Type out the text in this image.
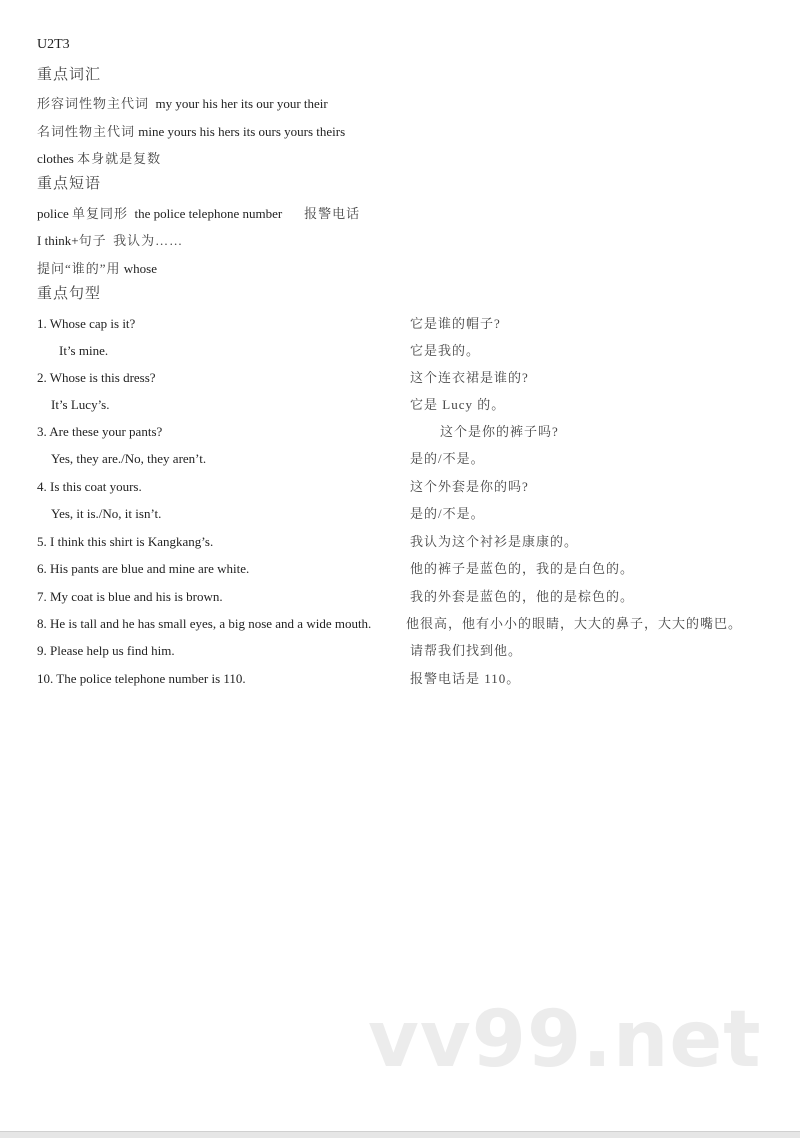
U2T3
重点词汇
形容词性物主代词 my your his her its our your their
名词性物主代词 mine yours his hers its ours yours theirs
clothes 本身就是复数
重点短语
police 单复同形 the police telephone number 报警电话
I think+句子 我认为……
提问“谁的”用 whose
重点句型
1. Whose cap is it?	它是谁的帽子?
It’s mine.	它是我的。
2. Whose is this dress?	这个连衣裙是谁的?
It’s Lucy’s.	它是 Lucy 的。
3. Are these your pants?	这个是你的裤子吗?
Yes, they are./No, they aren’t.	是的/不是。
4. Is this coat yours.	这个外套是你的吗?
Yes, it is./No, it isn’t.	是的/不是。
5. I think this shirt is Kangkang’s.	我认为这个衬衫是康康的。
6. His pants are blue and mine are white.	他的裤子是蓝色的，我的是白色的。
7. My coat is blue and his is brown.	我的外套是蓝色的，他的是棕色的。
8. He is tall and he has small eyes, a big nose and a wide mouth.	他很高，他有小小的眼睛，大大的鼻子，大大的嘴巴。
9. Please help us find him.	请帮我们找到他。
10. The police telephone number is 110.	报警电话是 110。
vv99.net
